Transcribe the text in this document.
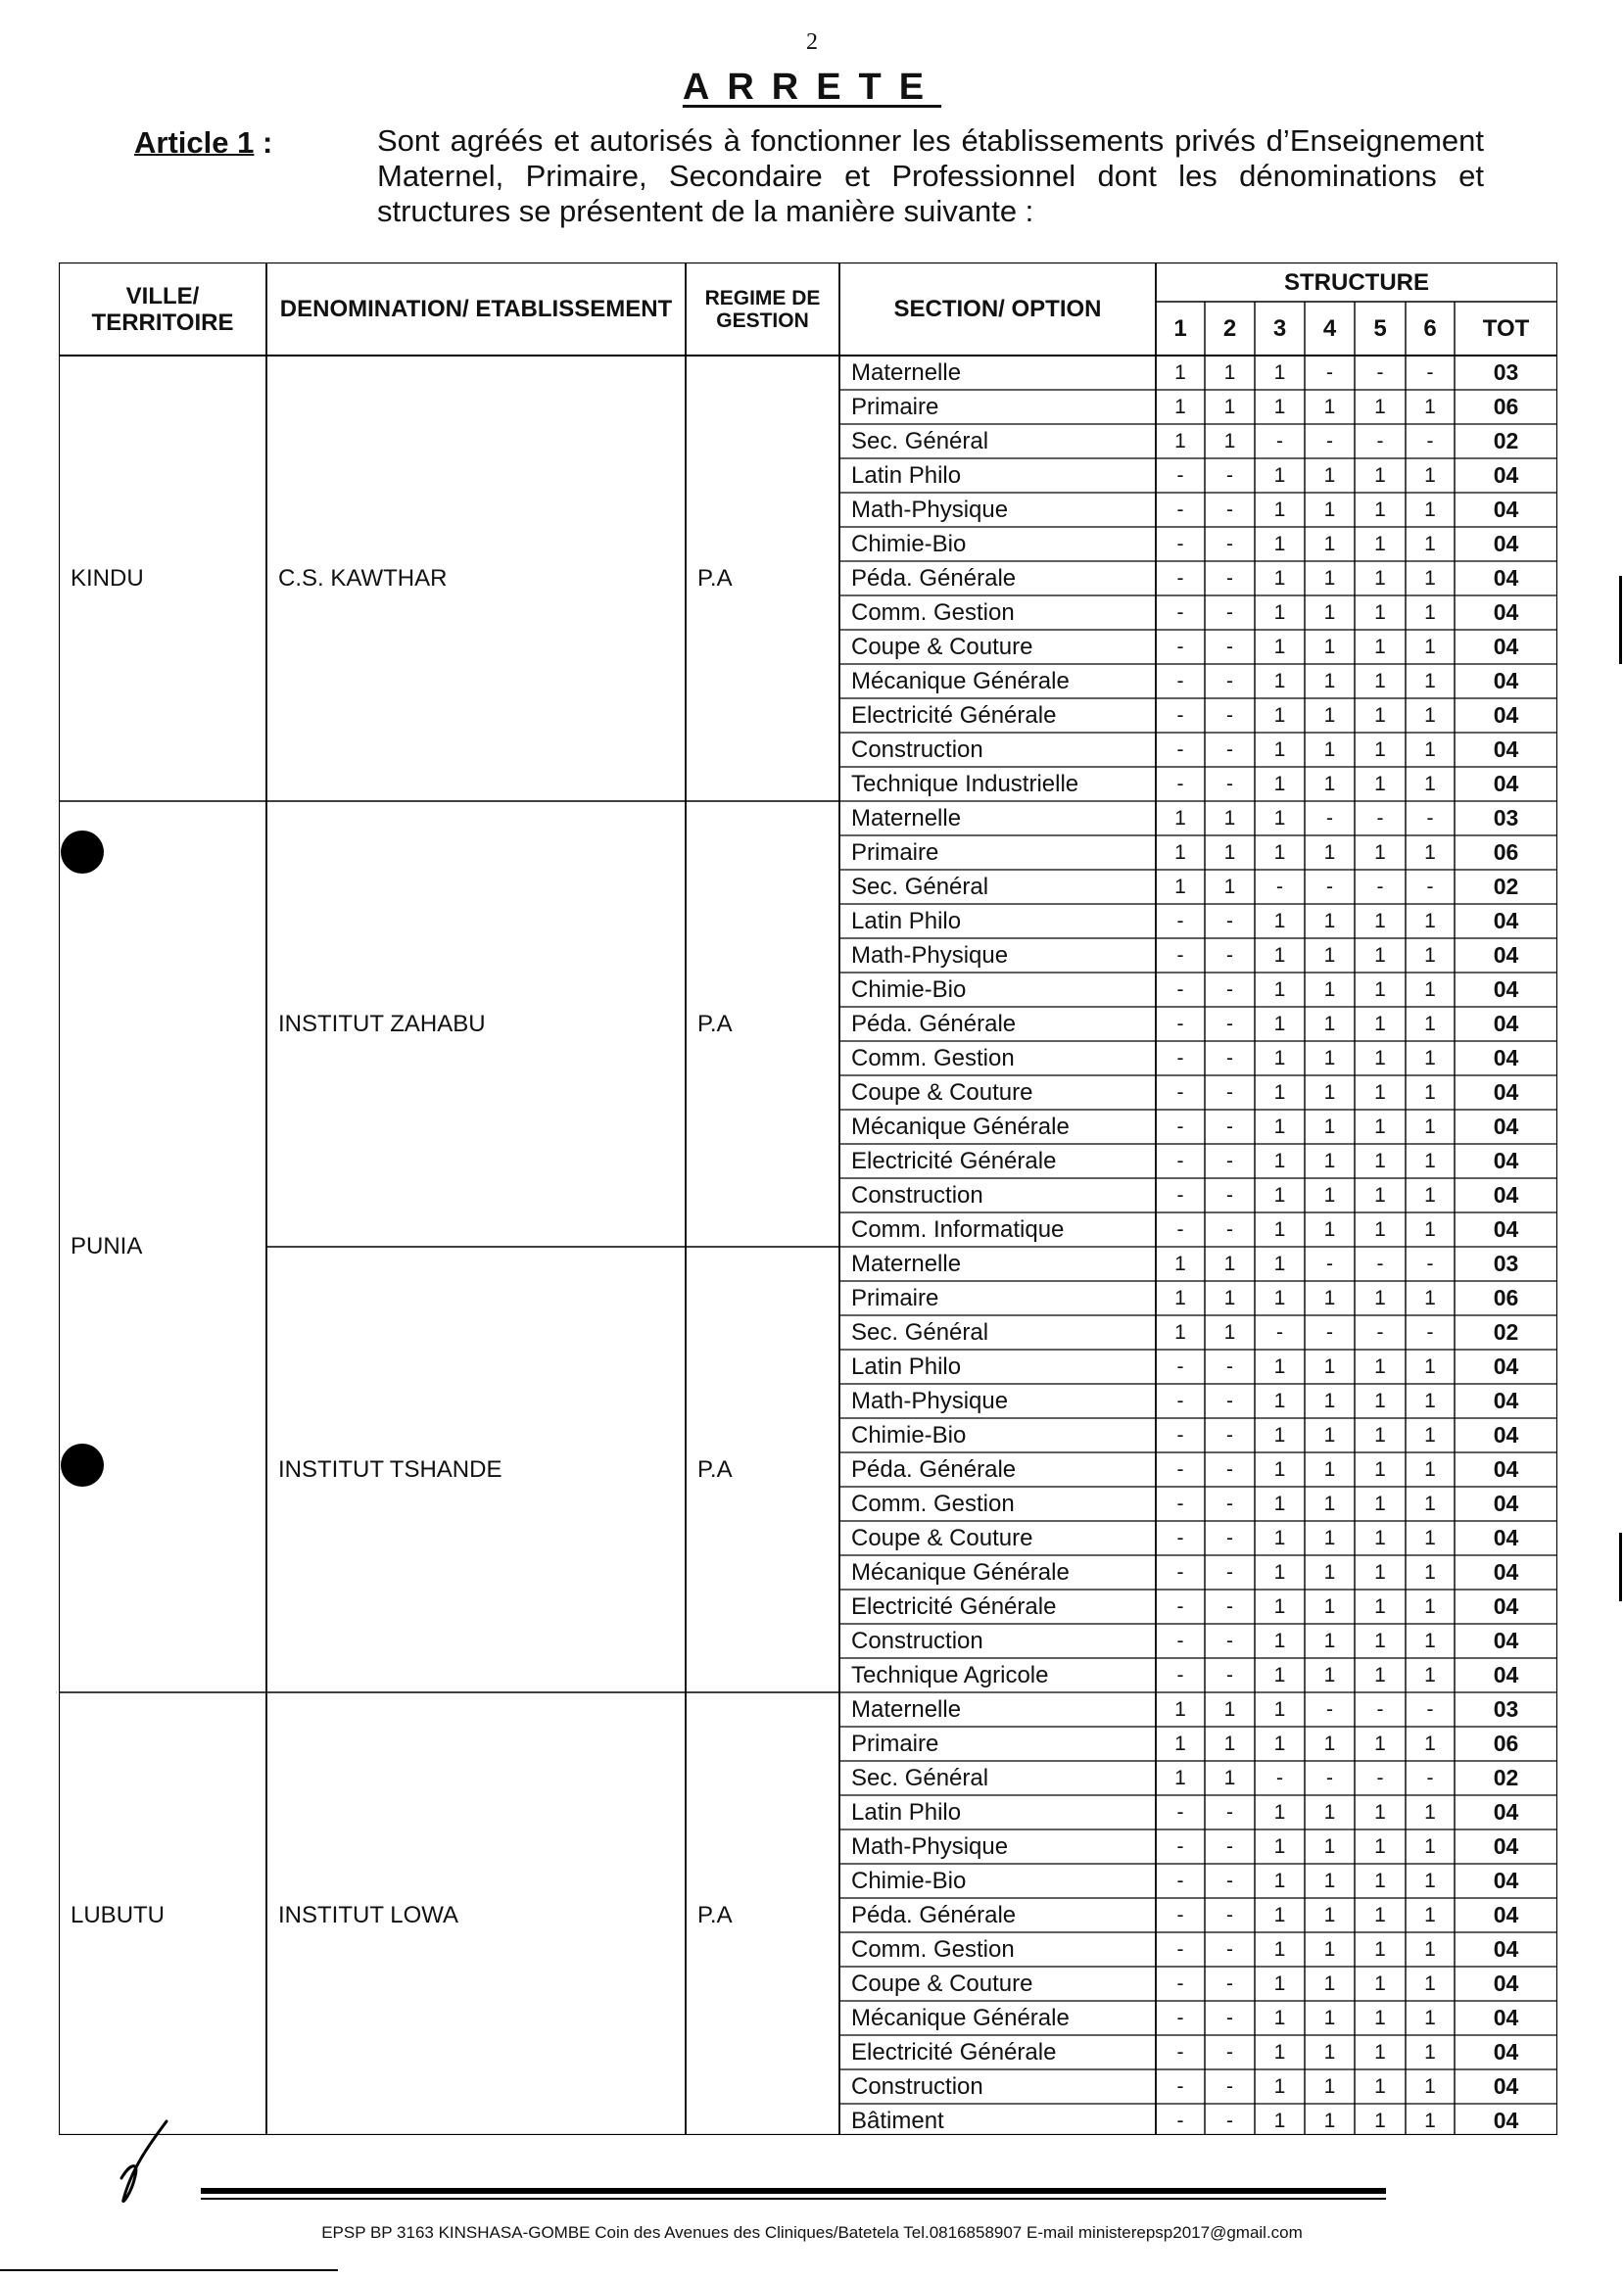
2
ARRETE
Article 1 :	Sont agréés et autorisés à fonctionner les établissements privés d’Enseignement Maternel, Primaire, Secondaire et Professionnel dont les dénominations et structures se présentent de la manière suivante :
VILLE/ TERRITOIRE	DENOMINATION/ ETABLISSEMENT	REGIME DE GESTION	SECTION/ OPTION
STRUCTURE
1	2	3	4	5	6	TOT
Maternelle	1	1	1	-	-	-	03
Primaire	1	1	1	1	1	1	06
Sec. Général	1	1	-	-	-	-	02
Latin Philo	-	-	1	1	1	1	04
Math-Physique	-	-	1	1	1	1	04
Chimie-Bio	-	-	1	1	1	1	04
Péda. Générale	-	-	1	1	1	1	04
Comm. Gestion	-	-	1	1	1	1	04
Coupe & Couture	-	-	1	1	1	1	04
Mécanique Générale	-	-	1	1	1	1	04
Electricité Générale	-	-	1	1	1	1	04
Construction	-	-	1	1	1	1	04
Technique Industrielle	-	-	1	1	1	1	04
C.S. KAWTHAR	P.A
KINDU
Maternelle	1	1	1	-	-	-	03
Primaire	1	1	1	1	1	1	06
Sec. Général	1	1	-	-	-	-	02
Latin Philo	-	-	1	1	1	1	04
Math-Physique	-	-	1	1	1	1	04
Chimie-Bio	-	-	1	1	1	1	04
Péda. Générale	-	-	1	1	1	1	04
Comm. Gestion	-	-	1	1	1	1	04
Coupe & Couture	-	-	1	1	1	1	04
Mécanique Générale	-	-	1	1	1	1	04
Electricité Générale	-	-	1	1	1	1	04
Construction	-	-	1	1	1	1	04
Comm. Informatique	-	-	1	1	1	1	04
INSTITUT ZAHABU	P.A
Maternelle	1	1	1	-	-	-	03
Primaire	1	1	1	1	1	1	06
Sec. Général	1	1	-	-	-	-	02
Latin Philo	-	-	1	1	1	1	04
Math-Physique	-	-	1	1	1	1	04
Chimie-Bio	-	-	1	1	1	1	04
Péda. Générale	-	-	1	1	1	1	04
Comm. Gestion	-	-	1	1	1	1	04
Coupe & Couture	-	-	1	1	1	1	04
Mécanique Générale	-	-	1	1	1	1	04
Electricité Générale	-	-	1	1	1	1	04
Construction	-	-	1	1	1	1	04
Technique Agricole	-	-	1	1	1	1	04
INSTITUT TSHANDE	P.A
PUNIA
Maternelle	1	1	1	-	-	-	03
Primaire	1	1	1	1	1	1	06
Sec. Général	1	1	-	-	-	-	02
Latin Philo	-	-	1	1	1	1	04
Math-Physique	-	-	1	1	1	1	04
Chimie-Bio	-	-	1	1	1	1	04
Péda. Générale	-	-	1	1	1	1	04
Comm. Gestion	-	-	1	1	1	1	04
Coupe & Couture	-	-	1	1	1	1	04
Mécanique Générale	-	-	1	1	1	1	04
Electricité Générale	-	-	1	1	1	1	04
Construction	-	-	1	1	1	1	04
Bâtiment	-	-	1	1	1	1	04
INSTITUT LOWA	P.A
LUBUTU
EPSP BP 3163 KINSHASA-GOMBE Coin des Avenues des Cliniques/Batetela Tel.0816858907 E-mail ministerepsp2017@gmail.com
